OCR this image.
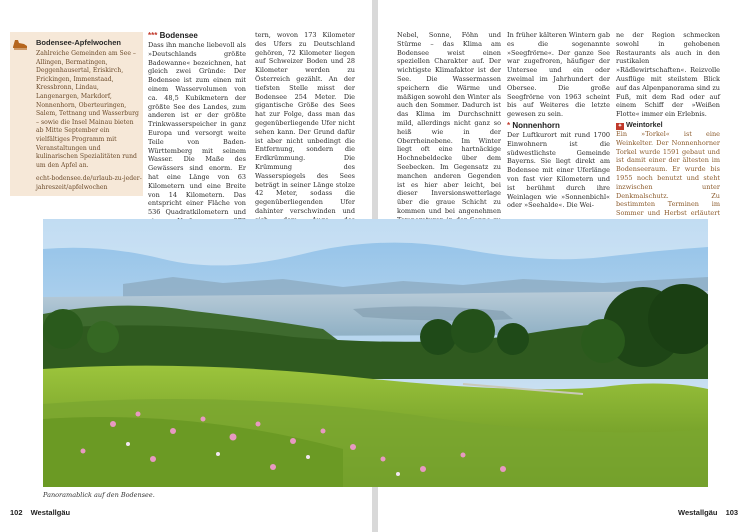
Bodensee-Apfelwochen
Zahlreiche Gemeinden am See – Allingen, Bermatingen, Deggenhausertal, Eriskirch, Frickingen, Immenstaad, Kressbronn, Lindau, Langenargen, Markdorf, Nonnenhorn, Oberteuringen, Salem, Tettnang und Wasserburg – sowie die Insel Mainau bieten ab Mitte September ein vielfältiges Programm mit Veranstaltungen und kulinarischen Spezialitäten rund um den Apfel an.
echt-bodensee.de/urlaub-zu-jeder-jahreszeit/apfelwochen
*** Bodensee
Dass ihn manche liebevoll als »Deutschlands größte Badewanne« bezeichnen, hat gleich zwei Gründe: Der Bodensee ist zum einen mit einem Wasservolumen von ca. 48,5 Kubikmetern der größte See des Landes, zum anderen ist er der größte Trinkwasserspeicher in ganz Europa und versorgt weite Teile von Baden-Württemberg mit seinem Wasser. Die Maße des Gewässers sind enorm. Er hat eine Länge von 63 Kilometern und eine Breite von 14 Kilometern. Das entspricht einer Fläche von 536 Quadratkilometern und
tern, wovon 173 Kilometer des Ufers zu Deutschland gehören, 72 Kilometer liegen auf Schweizer Boden und 28 Kilometer werden zu Österreich gezählt. An der tiefsten Stelle misst der Bodensee 254 Meter. Die gigantische Größe des Sees hat zur Folge, dass man das gegenüberliegende Ufer nicht sehen kann. Der Grund dafür ist aber nicht unbedingt die Entfernung, sondern die Erdkrümmung. Die Krümmung des Wasserspiegels des Sees beträgt in seiner Länge stolze 42 Meter, sodass die gegenüberliegenden Ufer dahinter verschwinden und
102 Westallgäu
Nebel, Sonne, Föhn und Stürme – das Klima am Bodensee weist einen speziellen Charakter auf. Der wichtigste Klimafaktor ist der See. Die Wassermassen speichern die Wärme und mäßigen sowohl den Winter als auch den Sommer. Dadurch ist das Klima im Durchschnitt mild, allerdings nicht ganz so heiß wie in der Oberrheinebene. Im Winter liegt oft eine hartnäckige Hochnebeldecke über dem Seebecken. Im Gegensatz zu manchen anderen Gegenden ist es hier aber leicht, bei dieser Inversionswetterlage über die graue Schicht zu kommen und bei angenehmen
In früher kälteren Wintern gab es die sogenannte »Seegfrörne«. Der ganze See war zugefroren, häufiger der Untersee und ein oder zweimal im Jahrhundert der Obersee. Die große Seegfrörne von 1963 scheint bis auf Weiteres die letzte gewesen zu sein.
* Nonnenhorn
Der Luftkurort mit rund 1700 Einwohnern ist die südwestlichste Gemeinde Bayerns. Sie liegt direkt am Bodensee mit einer Uferlänge von fast vier Kilometern und ist berühmt durch ihre Weinlagen wie »Sonnenbichl« oder »Seehalde«. Die Wei-
ne der Region schmecken sowohl in gehobenen Restaurants als auch in den rustikalen »Rädlewirtschaften«. Reizvolle Ausflüge mit steilstem Blick auf das Alpenpanorama sind zu Fuß, mit dem Rad oder auf einem Schiff der »Weißen Flotte« immer ein Erlebnis.
✦ Weintorkel
Ein »Torkel« ist eine Weinkelter. Der Nonnenhorner Torkel wurde 1591 gebaut und ist damit einer der ältesten im Bodenseeraum. Er wurde bis 1955 noch benutzt und steht inzwischen unter Denkmalschutz. Zu bestimmten Terminen im Sommer und Herbst erläutert
Westallgäu 103
Panoramablick auf den Bodensee.
